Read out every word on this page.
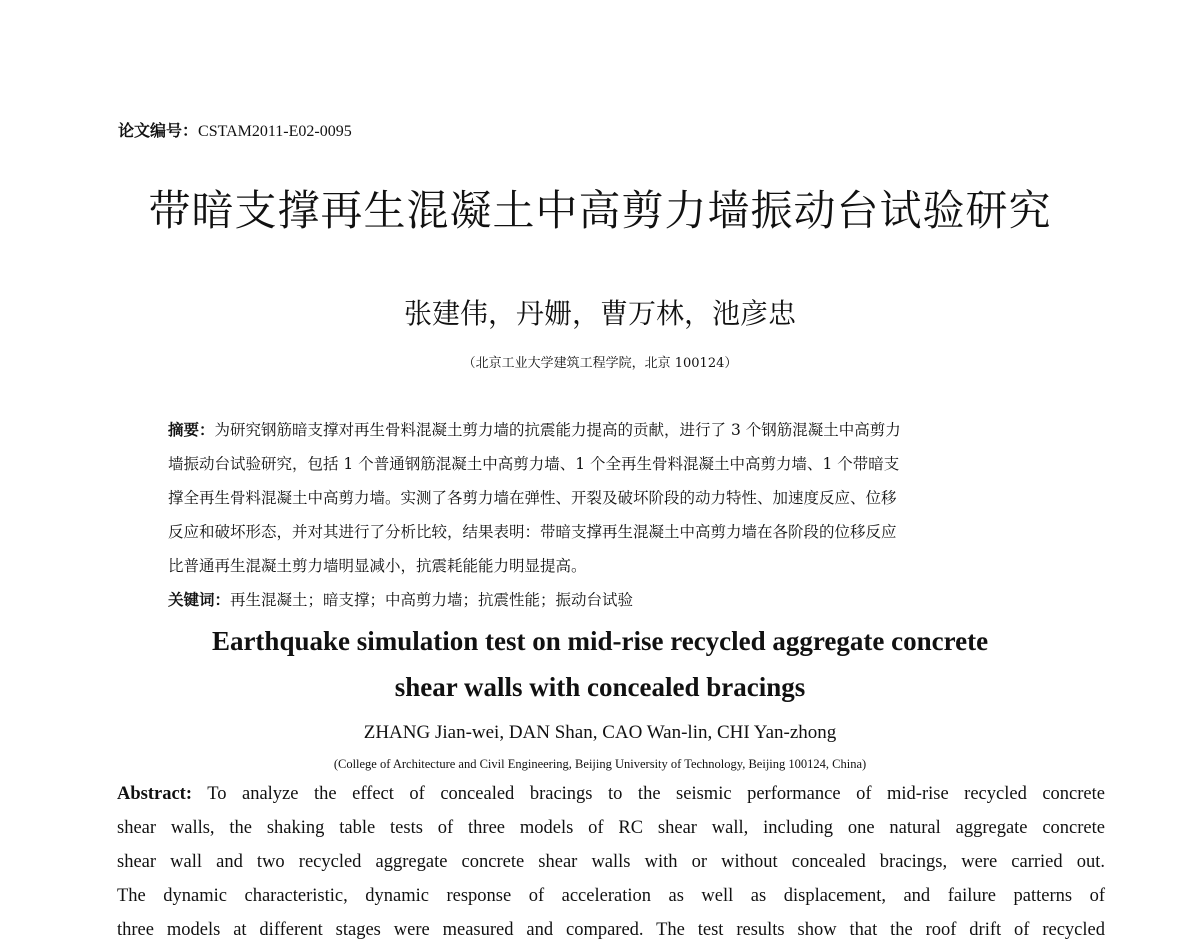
论文编号：CSTAM2011-E02-0095
带暗支撑再生混凝土中高剪力墙振动台试验研究
张建伟，丹姗，曹万林，池彦忠
（北京工业大学建筑工程学院，北京 100124）
摘要：为研究钢筋暗支撑对再生骨料混凝土剪力墙的抗震能力提高的贡献，进行了 3 个钢筋混凝土中高剪力
墙振动台试验研究，包括 1 个普通钢筋混凝土中高剪力墙、1 个全再生骨料混凝土中高剪力墙、1 个带暗支
撑全再生骨料混凝土中高剪力墙。实测了各剪力墙在弹性、开裂及破坏阶段的动力特性、加速度反应、位移
反应和破坏形态，并对其进行了分析比较，结果表明：带暗支撑再生混凝土中高剪力墙在各阶段的位移反应
比普通再生混凝土剪力墙明显减小，抗震耗能能力明显提高。
关键词：再生混凝土；暗支撑；中高剪力墙；抗震性能；振动台试验
Earthquake simulation test on mid-rise recycled aggregate concrete
shear walls with concealed bracings
ZHANG Jian-wei, DAN Shan, CAO Wan-lin, CHI Yan-zhong
(College of Architecture and Civil Engineering, Beijing University of Technology, Beijing 100124, China)
Abstract: To analyze the effect of concealed bracings to the seismic performance of mid-rise recycled concrete
shear walls, the shaking table tests of three models of RC shear wall, including one natural aggregate concrete
shear wall and two recycled aggregate concrete shear walls with or without concealed bracings, were carried out.
The dynamic characteristic, dynamic response of acceleration as well as displacement, and failure patterns of
three models at different stages were measured and compared. The test results show that the roof drift of recycled
